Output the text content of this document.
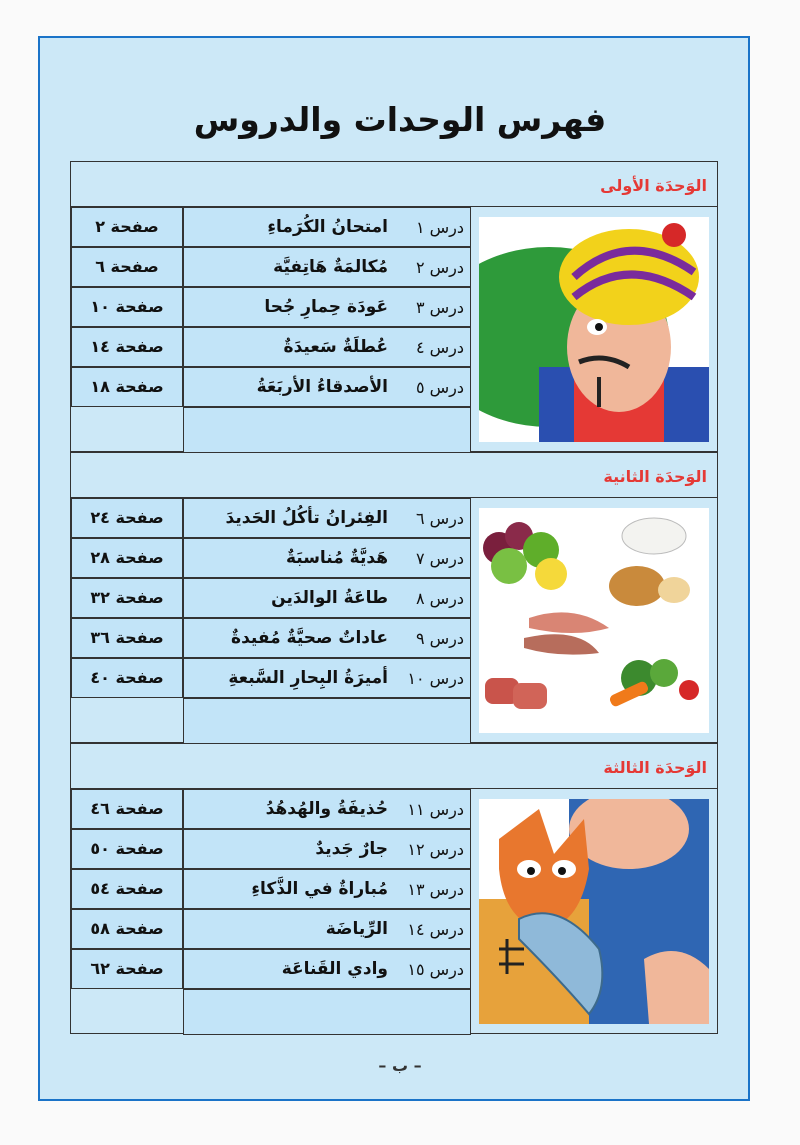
فهرس الوحدات والدروس
الوَحدَة الأولى
درس ١
امتحانُ الكُرَماءِ
درس ٢
مُكالمَةٌ هَاتِفيَّة
درس ٣
عَودَة حِمارِ جُحا
درس ٤
عُطلَةٌ سَعيدَةٌ
درس ٥
الأصدقاءُ الأربَعَةُ
صفحة ٢
صفحة ٦
صفحة ١٠
صفحة ١٤
صفحة ١٨
الوَحدَة الثانية
درس ٦
الفِئرانُ تأكُلُ الحَديدَ
درس ٧
هَديَّةٌ مُناسبَةٌ
درس ٨
طاعَةُ الوالدَين
درس ٩
عاداتٌ صحيَّةٌ مُفيدةٌ
درس ١٠
أميرَةُ البِحارِ السَّبعةِ
صفحة ٢٤
صفحة ٢٨
صفحة ٣٢
صفحة ٣٦
صفحة ٤٠
الوَحدَة الثالثة
درس ١١
حُذيفَةُ والهُدهُدُ
درس ١٢
جارٌ جَديدٌ
درس ١٣
مُباراةٌ في الذَّكاءِ
درس ١٤
الرِّياضَة
درس ١٥
وادي القَناعَة
صفحة ٤٦
صفحة ٥٠
صفحة ٥٤
صفحة ٥٨
صفحة ٦٢
– ب –
